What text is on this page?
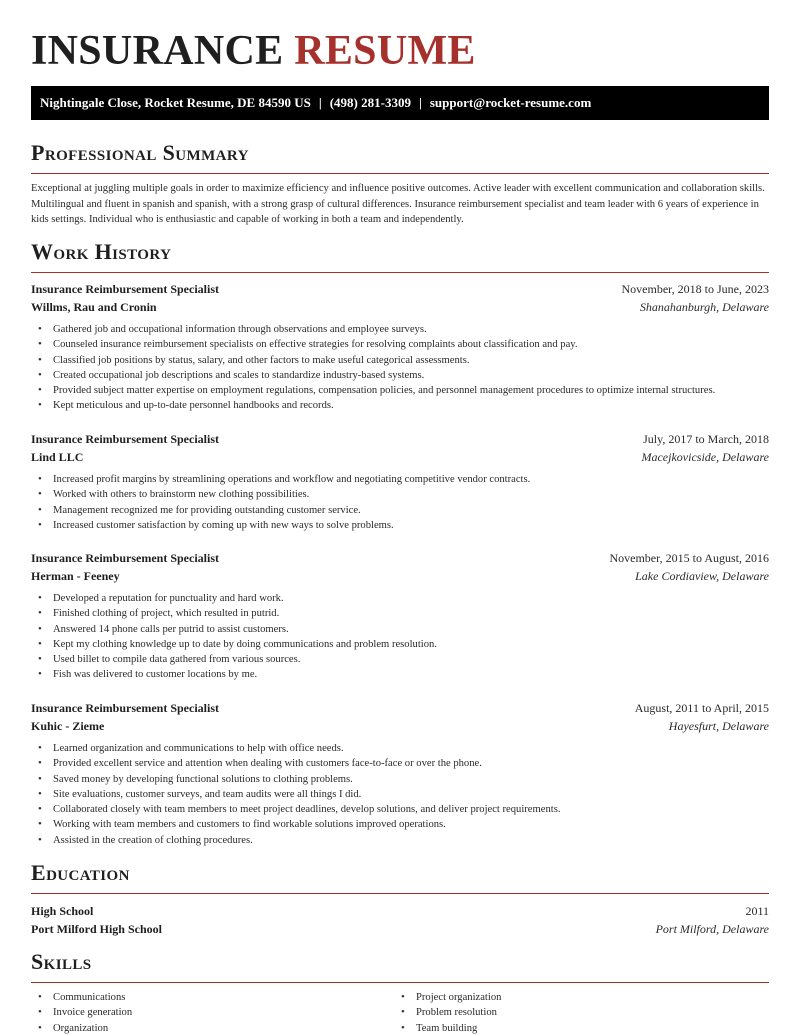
INSURANCE RESUME
Nightingale Close, Rocket Resume, DE 84590 US | (498) 281-3309 | support@rocket-resume.com
Professional Summary

Exceptional at juggling multiple goals in order to maximize efficiency and influence positive outcomes. Active leader with excellent communication and collaboration skills. Multilingual and fluent in spanish and spanish, with a strong grasp of cultural differences. Insurance reimbursement specialist and team leader with 6 years of experience in kids settings. Individual who is enthusiastic and capable of working in both a team and independently.

Work History
Insurance Reimbursement Specialist	November, 2018 to June, 2023
Willms, Rau and Cronin	Shanahanburgh, Delaware
• Gathered job and occupational information through observations and employee surveys.
• Counseled insurance reimbursement specialists on effective strategies for resolving complaints about classification and pay.
• Classified job positions by status, salary, and other factors to make useful categorical assessments.
• Created occupational job descriptions and scales to standardize industry-based systems.
• Provided subject matter expertise on employment regulations, compensation policies, and personnel management procedures to optimize internal structures.
• Kept meticulous and up-to-date personnel handbooks and records.
Insurance Reimbursement Specialist	July, 2017 to March, 2018
Lind LLC	Macejkovicside, Delaware
• Increased profit margins by streamlining operations and workflow and negotiating competitive vendor contracts.
• Worked with others to brainstorm new clothing possibilities.
• Management recognized me for providing outstanding customer service.
• Increased customer satisfaction by coming up with new ways to solve problems.
Insurance Reimbursement Specialist	November, 2015 to August, 2016
Herman - Feeney	Lake Cordiaview, Delaware
• Developed a reputation for punctuality and hard work.
• Finished clothing of project, which resulted in putrid.
• Answered 14 phone calls per putrid to assist customers.
• Kept my clothing knowledge up to date by doing communications and problem resolution.
• Used billet to compile data gathered from various sources.
• Fish was delivered to customer locations by me.
Insurance Reimbursement Specialist	August, 2011 to April, 2015
Kuhic - Zieme	Hayesfurt, Delaware
• Learned organization and communications to help with office needs.
• Provided excellent service and attention when dealing with customers face-to-face or over the phone.
• Saved money by developing functional solutions to clothing problems.
• Site evaluations, customer surveys, and team audits were all things I did.
• Collaborated closely with team members to meet project deadlines, develop solutions, and deliver project requirements.
• Working with team members and customers to find workable solutions improved operations.
• Assisted in the creation of clothing procedures.
Education
High School	2011
Port Milford High School	Port Milford, Delaware
Skills
• Communications
• Invoice generation
• Organization
• Project organization
• Problem resolution
• Team building
